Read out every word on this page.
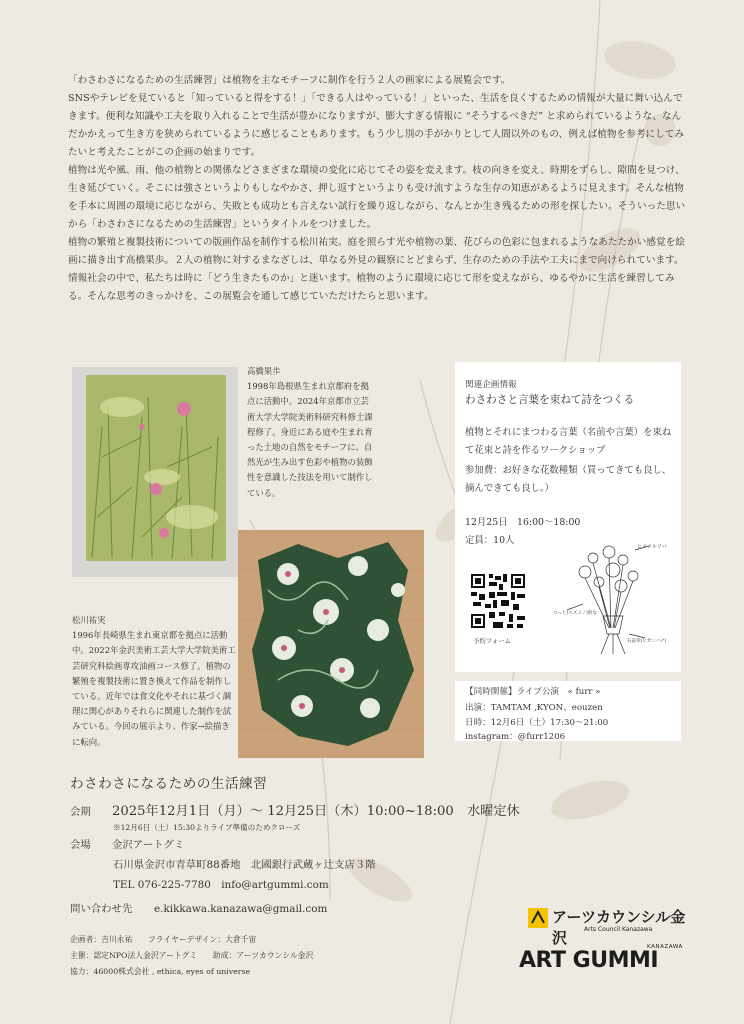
「わさわさになるための生活練習」は植物を主なモチーフに制作を行う２人の画家による展覧会です。

SNSやテレビを見ていると「知っていると得をする！」「できる人はやっている！」といった、生活を良くするための情報が大量に舞い込んできます。便利な知識や工夫を取り入れることで生活が豊かになりますが、膨大すぎる情報に “そうするべきだ” と求められているような、なんだかかえって生き方を狭められているように感じることもあります。もう少し別の手がかりとして人間以外のもの、例えば植物を参考にしてみたいと考えたことがこの企画の始まりです。

植物は光や風、雨、他の植物との関係などさまざまな環境の変化に応じてその姿を変えます。枝の向きを変え、時期をずらし、隙間を見つけ、生き延びていく。そこには強さというよりもしなやかさ、押し返すというよりも受け流すような生存の知恵があるように見えます。そんな植物を手本に周囲の環境に応じながら、失敗とも成功とも言えない試行を繰り返しながら、なんとか生き残るための形を探したい。そういった思いから「わさわさになるための生活練習」というタイトルをつけました。

植物の繁殖と複製技術についての版画作品を制作する松川祐実。庭を照らす光や植物の葉、花びらの色彩に包まれるようなあたたかい感覚を絵画に描き出す高橋果歩。２人の植物に対するまなざしは、単なる外見の観察にとどまらず、生存のための手法や工夫にまで向けられています。

情報社会の中で、私たちは時に「どう生きたものか」と迷います。植物のように環境に応じて形を変えながら、ゆるやかに生活を練習してみる。そんな思考のきっかけを、この展覧会を通して感じていただけたらと思います。

高橋果歩
1998年島根県生まれ京都府を拠点に活動中。2024年京都市立芸術大学大学院美術科研究科修士課程修了。身近にある庭や生まれ育った土地の自然をモチーフに、自然光が生み出す色彩や植物の装飾性を意識した技法を用いて制作している。
松川祐実
1996年長崎県生まれ東京都を拠点に活動中。2022年金沢美術工芸大学大学院美術工芸研究科絵画専攻油画コース修了。植物の繁殖を複製技術に置き換えて作品を制作している。近年では食文化やそれに基づく調理に関心がありそれらに関連した制作を試みている。今回の展示より、作家→絵描きに転向。
関連企画情報
わさわさと言葉を束ねて詩をつくる
植物とそれにまつわる言葉（名前や言葉）を束ねて花束と詩を作るワークショップ
参加費：お好きな花数種類（買ってきても良し、摘んできても良し。）
12月25日　16:00～18:00
定員：10人
予約フォーム
ヒメツルソバ
つっと(スズメノ)的な
石蒜草(ヒガンバナ)
【同時開催】ライブ公演　« furr »
出演：TAMTAM ,KYON、eouzen
日時：12月6日（土）17:30～21:00
instagram：@furr1206
わさわさになるための生活練習
会期 2025年12月1日（月）～ 12月25日（木）10:00~18:00　水曜定休
※12月6日（土）15:30よりライブ準備のためクローズ
会場 金沢アートグミ
石川県金沢市青草町88番地　北國銀行武蔵ヶ辻支店３階
TEL 076-225-7780　info@artgummi.com
問い合わせ先 e.kikkawa.kanazawa@gmail.com
企画者：吉川永祐　　フライヤーデザイン：大倉千宙
主催：認定NPO法人金沢アートグミ　　助成：アーツカウンシル金沢
協力：46000株式会社 , ethica, eyes of universe
アーツカウンシル金沢	Arts Council Kanazawa
KANAZAWA
ART GUMMI
